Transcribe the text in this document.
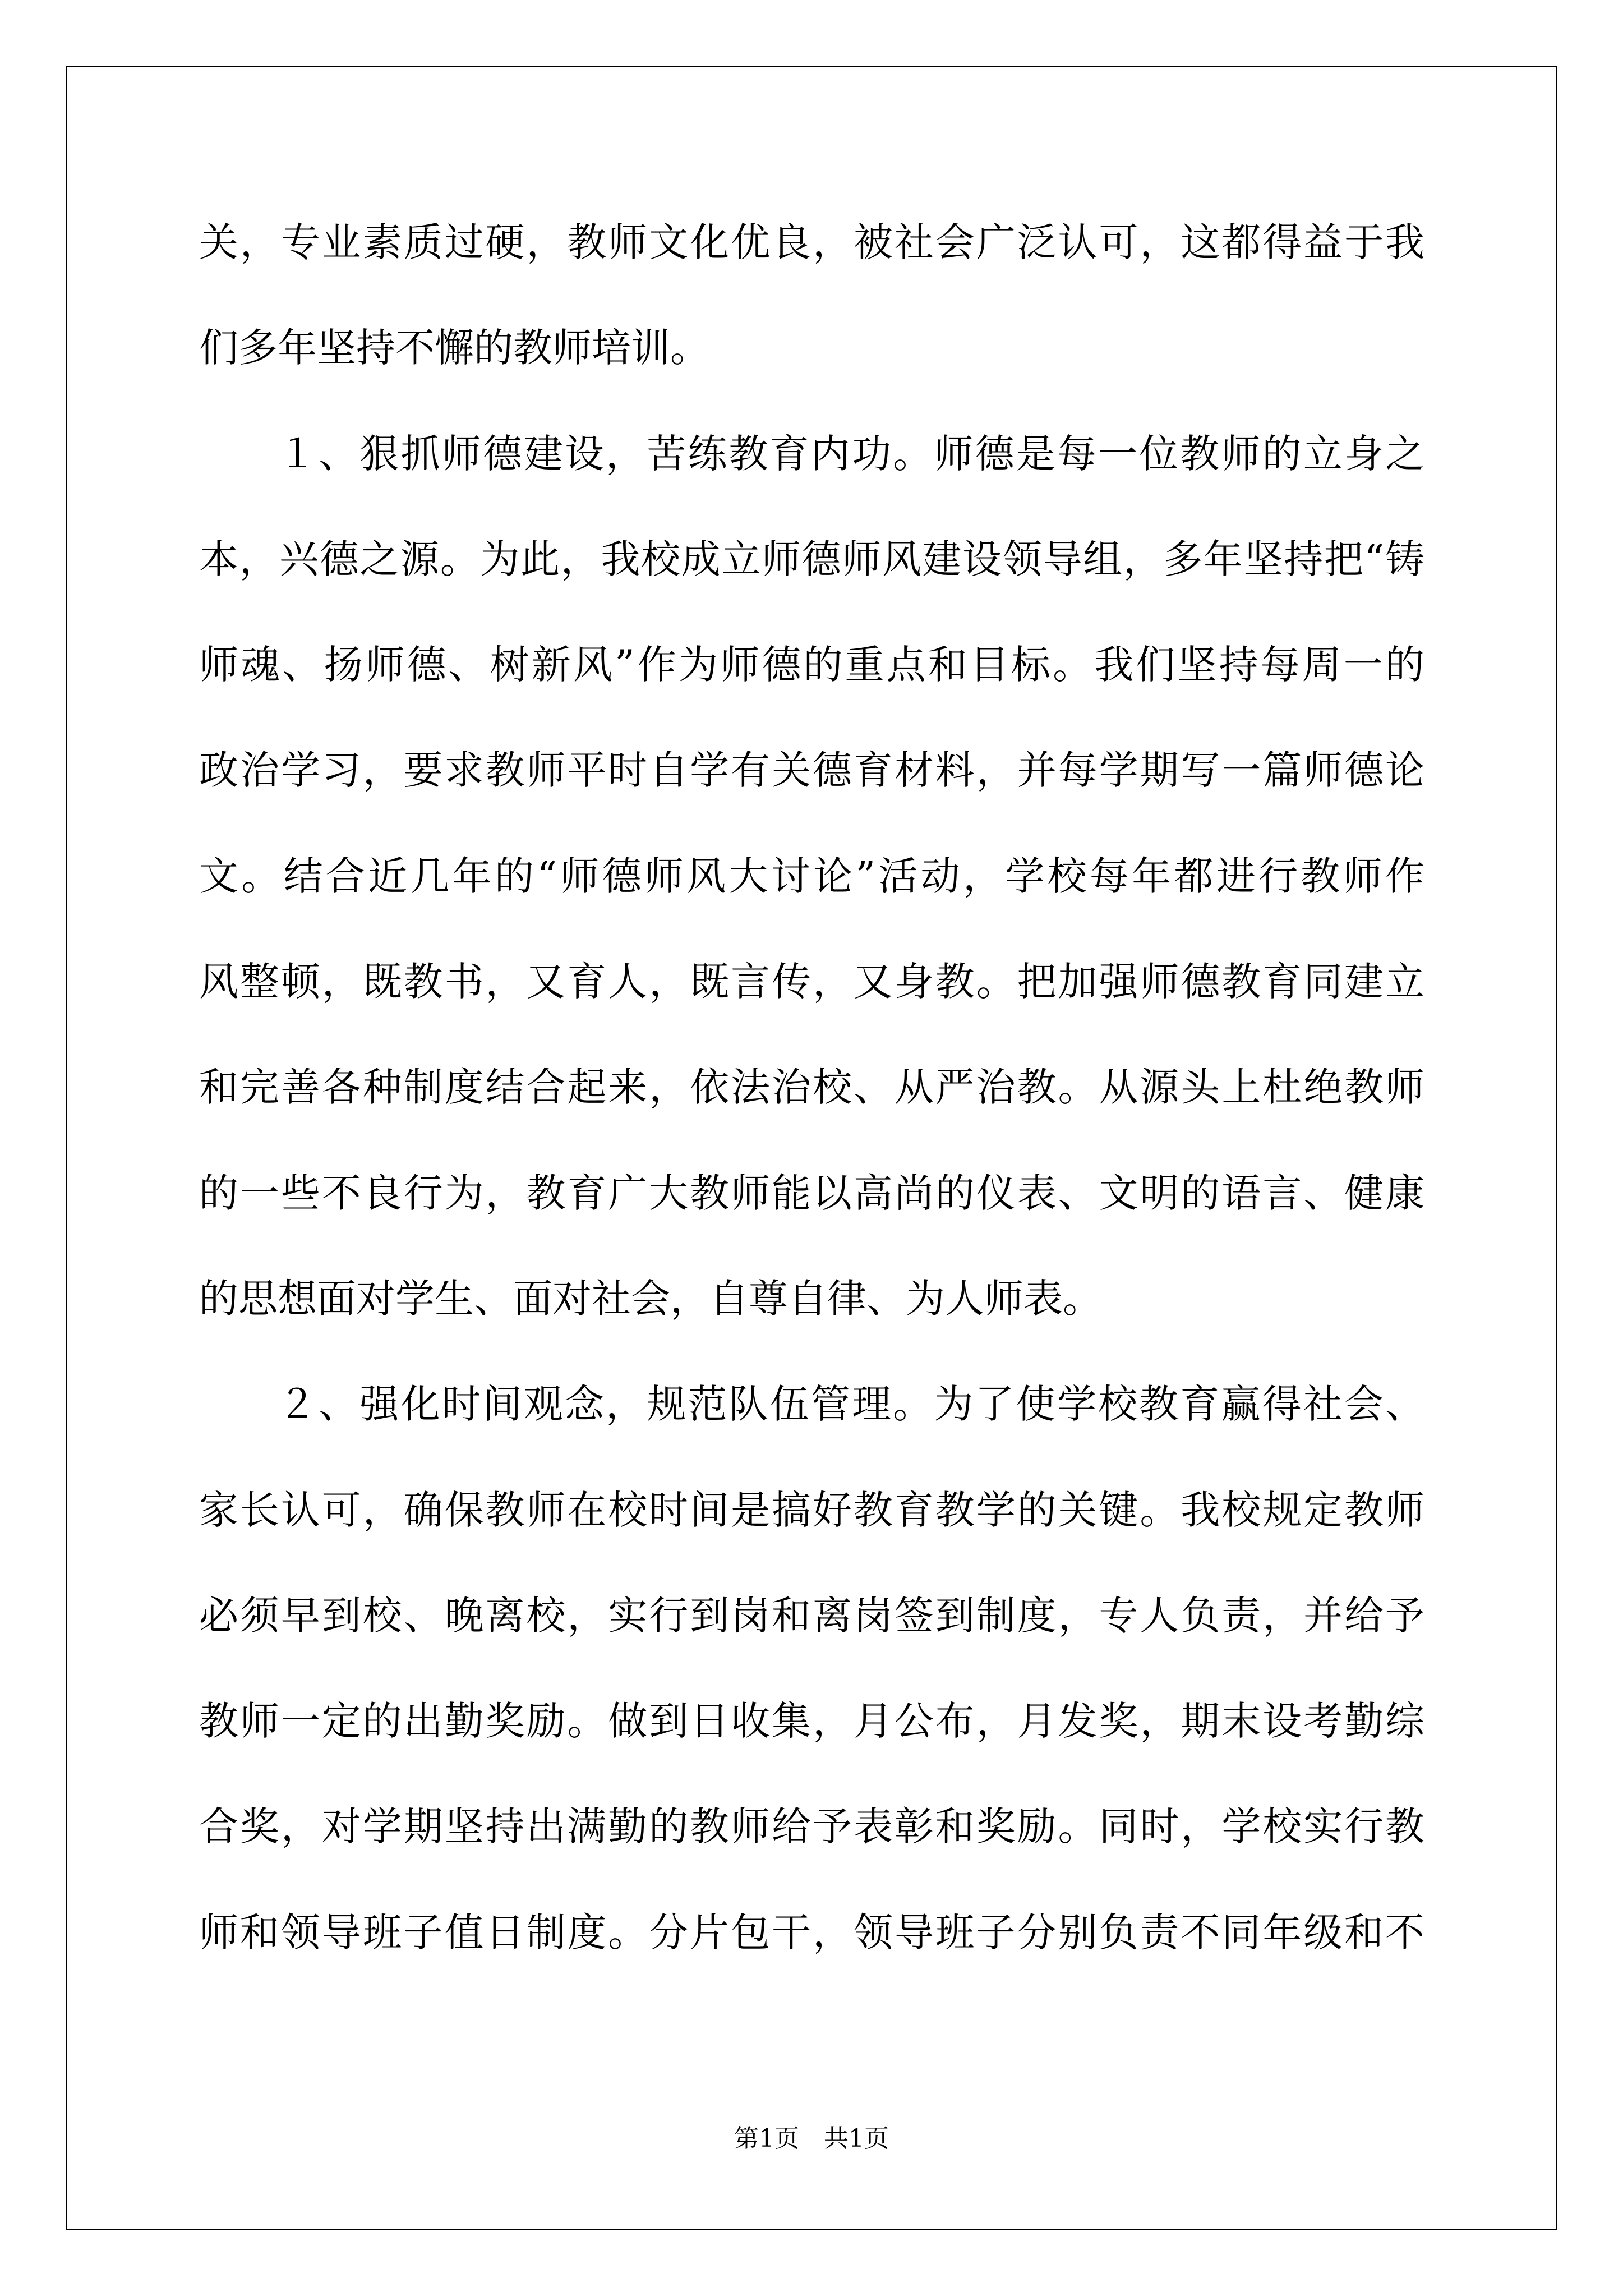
关，专业素质过硬，教师文化优良，被社会广泛认可，这都得益于我
们多年坚持不懈的教师培训。
１、狠抓师德建设，苦练教育内功。师德是每一位教师的立身之
本，兴德之源。为此，我校成立师德师风建设领导组，多年坚持把“铸
师魂、扬师德、树新风”作为师德的重点和目标。我们坚持每周一的
政治学习，要求教师平时自学有关德育材料，并每学期写一篇师德论
文。结合近几年的“师德师风大讨论”活动，学校每年都进行教师作
风整顿，既教书，又育人，既言传，又身教。把加强师德教育同建立
和完善各种制度结合起来，依法治校、从严治教。从源头上杜绝教师
的一些不良行为，教育广大教师能以高尚的仪表、文明的语言、健康
的思想面对学生、面对社会，自尊自律、为人师表。
２、强化时间观念，规范队伍管理。为了使学校教育赢得社会、
家长认可，确保教师在校时间是搞好教育教学的关键。我校规定教师
必须早到校、晚离校，实行到岗和离岗签到制度，专人负责，并给予
教师一定的出勤奖励。做到日收集，月公布，月发奖，期末设考勤综
合奖，对学期坚持出满勤的教师给予表彰和奖励。同时，学校实行教
师和领导班子值日制度。分片包干，领导班子分别负责不同年级和不
第1页 共1页
